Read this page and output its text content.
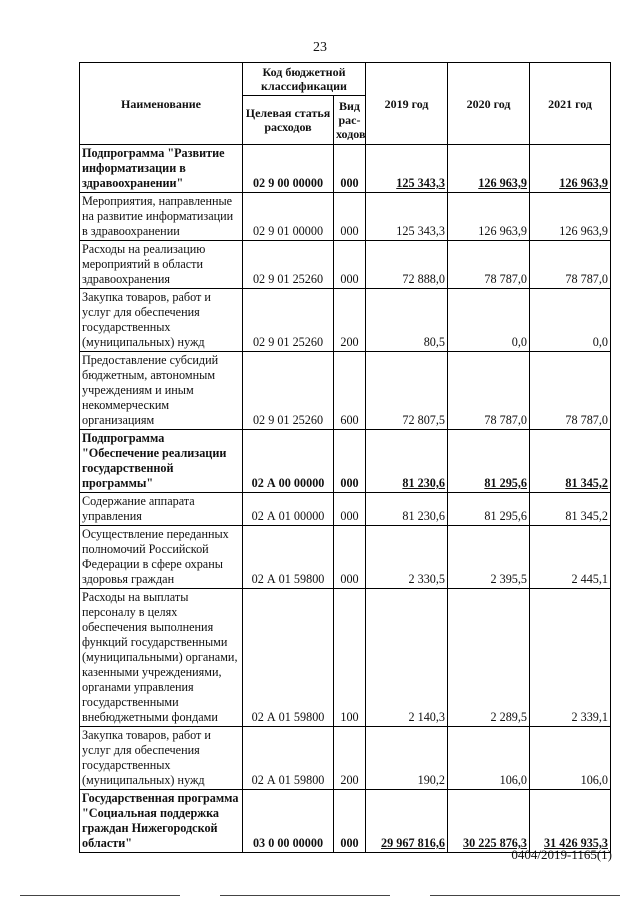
23
Наименование	Код бюджетной классификации		2019 год	2020 год	2021 год
	Целевая статья расходов	Вид рас-ходов			
Подпрограмма "Развитие информатизации в здравоохранении"	02 9 00 00000	000	125 343,3	126 963,9	126 963,9
Мероприятия, направленные на развитие информатизации в здравоохранении	02 9 01 00000	000	125 343,3	126 963,9	126 963,9
Расходы на реализацию мероприятий в области здравоохранения	02 9 01 25260	000	72 888,0	78 787,0	78 787,0
Закупка товаров, работ и услуг для обеспечения государственных (муниципальных) нужд	02 9 01 25260	200	80,5	0,0	0,0
Предоставление субсидий бюджетным, автономным учреждениям и иным некоммерческим организациям	02 9 01 25260	600	72 807,5	78 787,0	78 787,0
Подпрограмма "Обеспечение реализации государственной программы"	02 А 00 00000	000	81 230,6	81 295,6	81 345,2
Содержание аппарата управления	02 А 01 00000	000	81 230,6	81 295,6	81 345,2
Осуществление переданных полномочий Российской Федерации в сфере охраны здоровья граждан	02 А 01 59800	000	2 330,5	2 395,5	2 445,1
Расходы на выплаты персоналу в целях обеспечения выполнения функций государственными (муниципальными) органами, казенными учреждениями, органами управления государственными внебюджетными фондами	02 А 01 59800	100	2 140,3	2 289,5	2 339,1
Закупка товаров, работ и услуг для обеспечения государственных (муниципальных) нужд	02 А 01 59800	200	190,2	106,0	106,0
Государственная программа "Социальная поддержка граждан Нижегородской области"	03 0 00 00000	000	29 967 816,6	30 225 876,3	31 426 935,3
0404/2019-1165(1)
